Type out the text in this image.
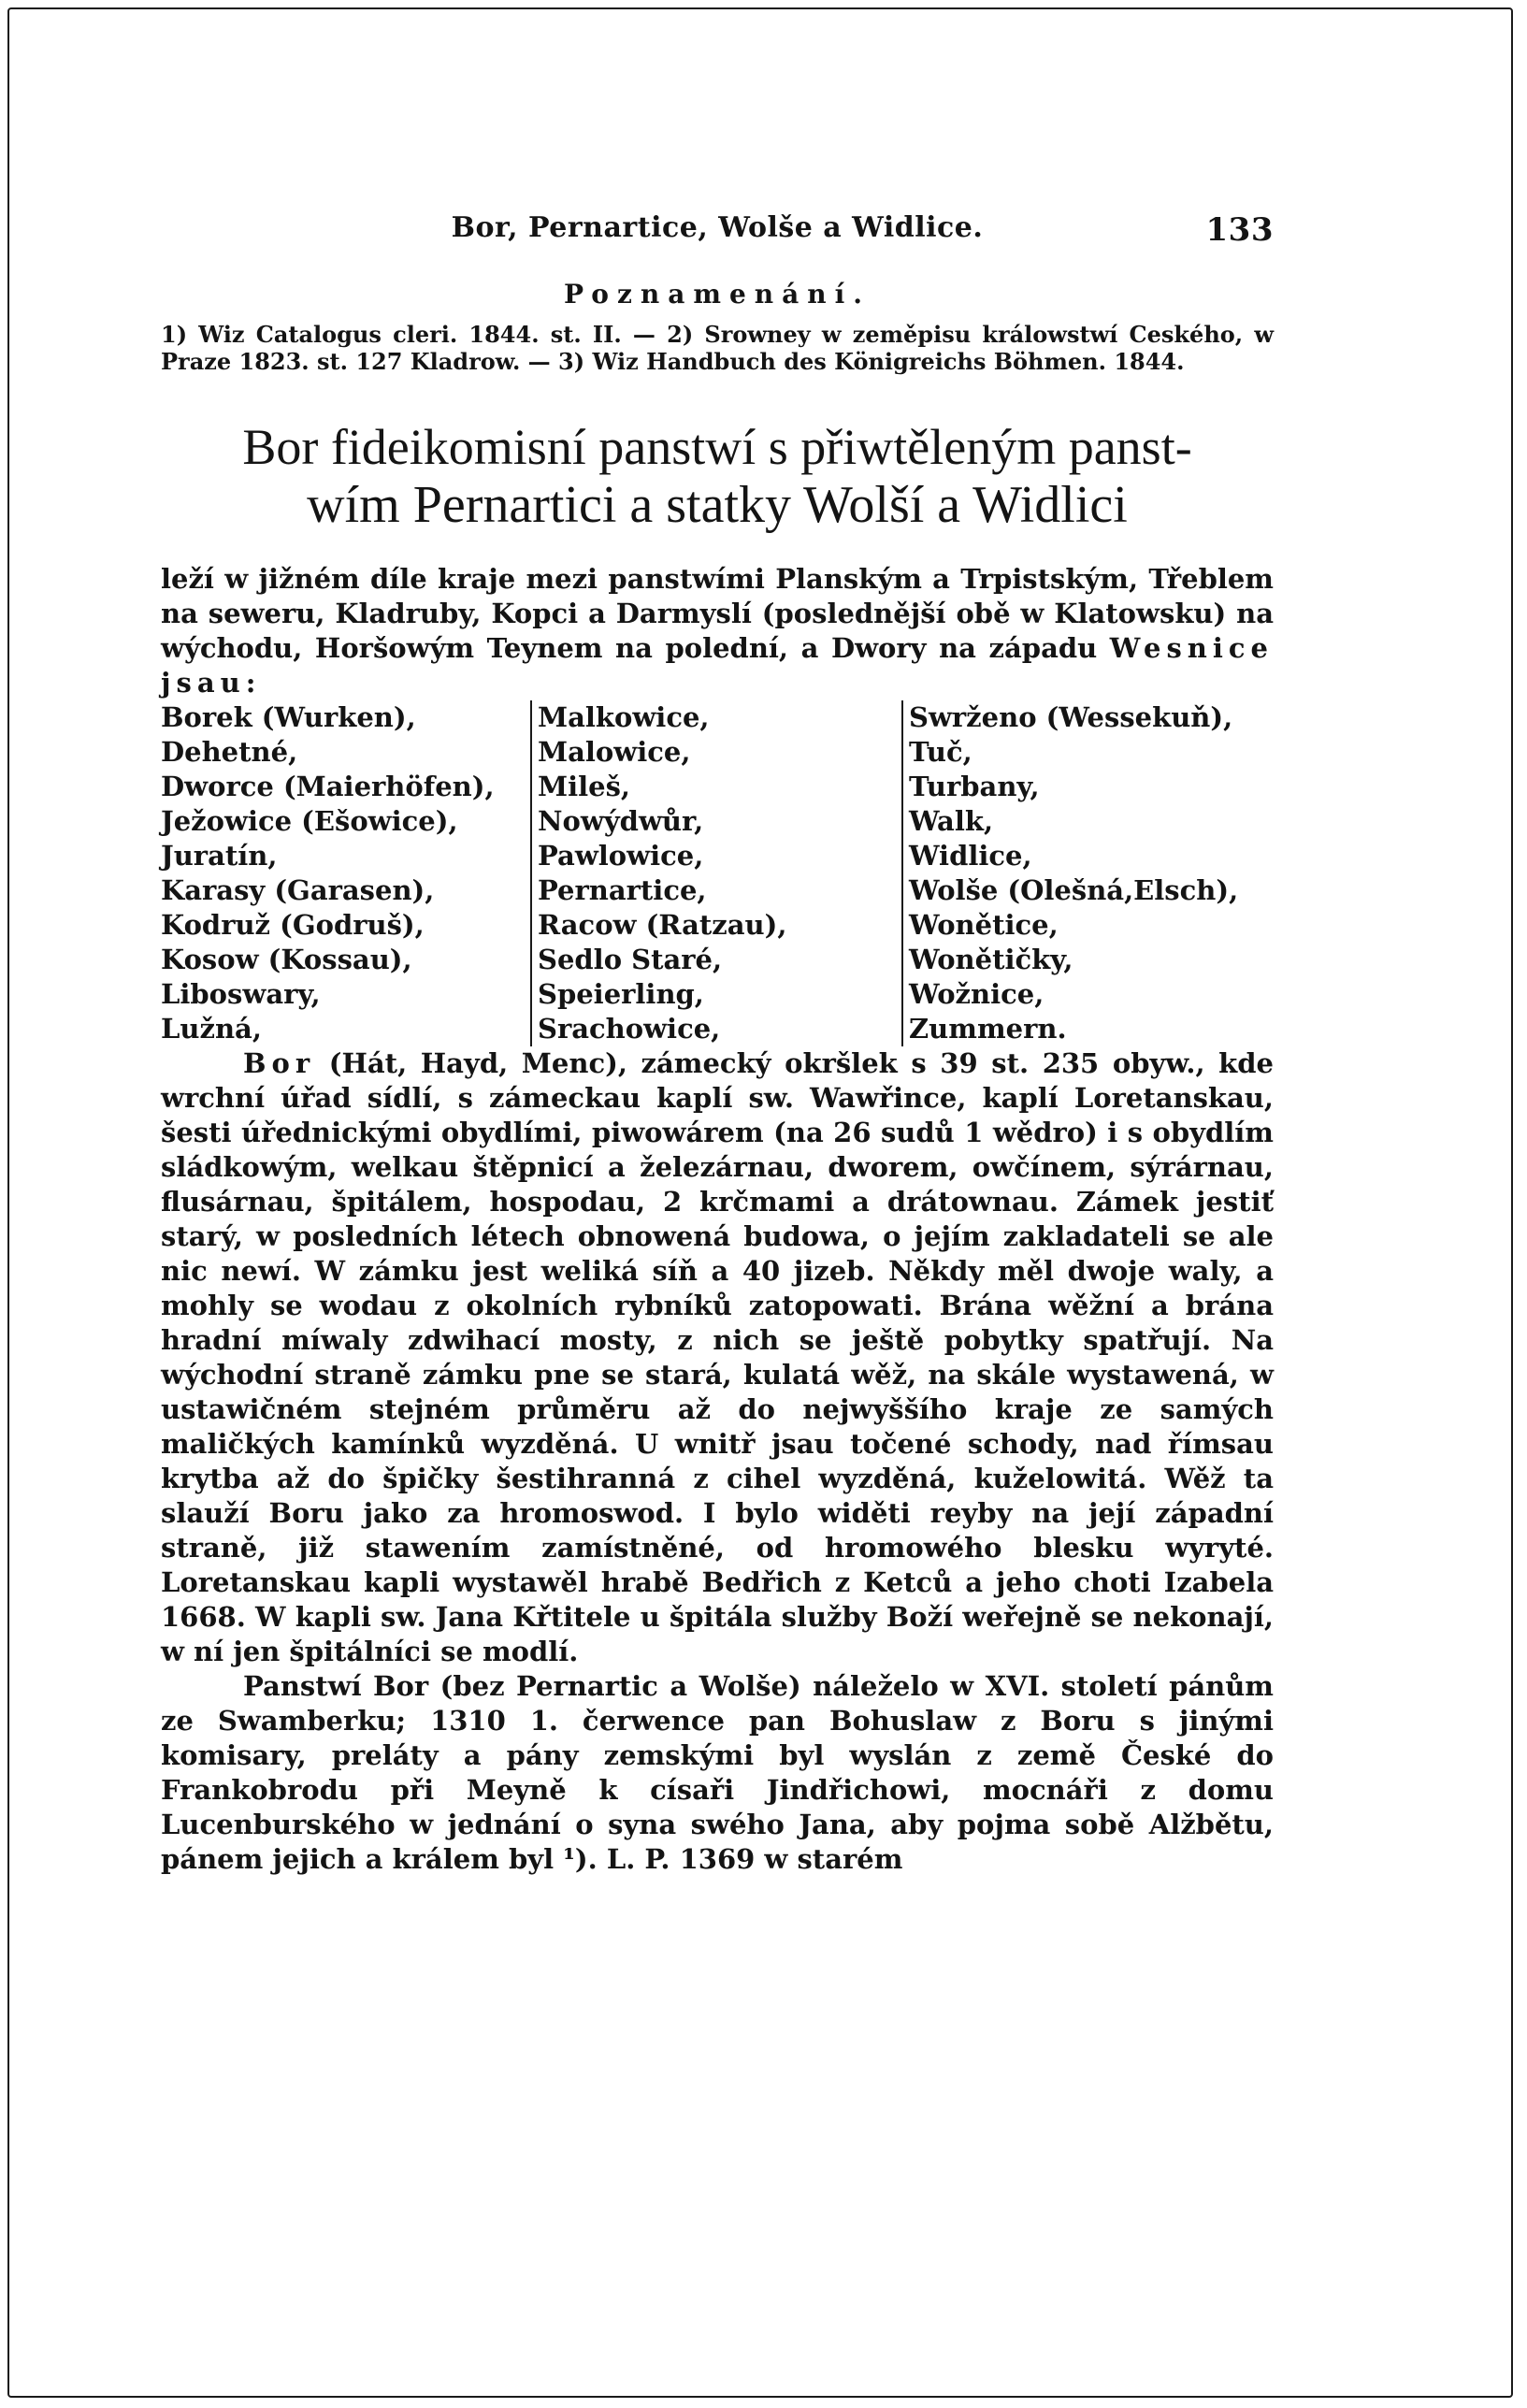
Bor, Pernartice, Wolše a Widlice.	133
Poznamenání.
1) Wiz Catalogus cleri. 1844. st. II. — 2) Srowney w zeměpisu králowstwí Ceského, w Praze 1823. st. 127 Kladrow. — 3) Wiz Handbuch des Königreichs Böhmen. 1844.
Bor fideikomisní panstwí s přiwtěleným panst-
wím Pernartici a statky Wolší a Widlici
leží w jižném díle kraje mezi panstwími Planským a Trpistským, Třeblem na seweru, Kladruby, Kopci a Darmyslí (poslednější obě w Klatowsku) na wýchodu, Horšowým Teynem na polední, a Dwory na západu Wesnice jsau:
Borek (Wurken),
Dehetné,
Dworce (Maierhöfen),
Ježowice (Ešowice),
Juratín,
Karasy (Garasen),
Kodruž (Godruš),
Kosow (Kossau),
Liboswary,
Lužná,
Malkowice,
Malowice,
Mileš,
Nowýdwůr,
Pawlowice,
Pernartice,
Racow (Ratzau),
Sedlo Staré,
Speierling,
Srachowice,
Swrženo (Wessekuň),
Tuč,
Turbany,
Walk,
Widlice,
Wolše (Olešná,Elsch),
Wonětice,
Wonětičky,
Wožnice,
Zummern.

Bor (Hát, Hayd, Menc), zámecký okršlek s 39 st. 235 obyw., kde wrchní úřad sídlí, s zámeckau kaplí sw. Wawřince, kaplí Loretanskau, šesti úřednickými obydlími, piwowárem (na 26 sudů 1 wědro) i s obydlím sládkowým, welkau štěpnicí a železárnau, dworem, owčínem, sýrárnau, flusárnau, špitálem, hospodau, 2 krčmami a drátownau. Zámek jestiť starý, w posledních létech obnowená budowa, o jejím zakladateli se ale nic newí. W zámku jest weliká síň a 40 jizeb. Někdy měl dwoje waly, a mohly se wodau z okolních rybníků zatopowati. Brána wěžní a brána hradní míwaly zdwihací mosty, z nich se ještě pobytky spatřují. Na wýchodní straně zámku pne se stará, kulatá wěž, na skále wystawená, w ustawičném stejném průměru až do nejwyššího kraje ze samých maličkých kamínků wyzděná. U wnitř jsau točené schody, nad římsau krytba až do špičky šestihranná z cihel wyzděná, kuželowitá. Wěž ta slauží Boru jako za hromoswod. I bylo widěti reyby na její západní straně, již stawením zamístněné, od hromowého blesku wyryté. Loretanskau kapli wystawěl hrabě Bedřich z Ketců a jeho choti Izabela 1668. W kapli sw. Jana Křtitele u špitála služby Boží weřejně se nekonají, w ní jen špitálníci se modlí.

Panstwí Bor (bez Pernartic a Wolše) náleželo w XVI. století pánům ze Swamberku; 1310 1. čerwence pan Bohuslaw z Boru s jinými komisary, preláty a pány zemskými byl wyslán z země České do Frankobrodu při Meyně k císaři Jindřichowi, mocnáři z domu Lucenburského w jednání o syna swého Jana, aby pojma sobě Alžbětu, pánem jejich a králem byl ¹). L. P. 1369 w starém
